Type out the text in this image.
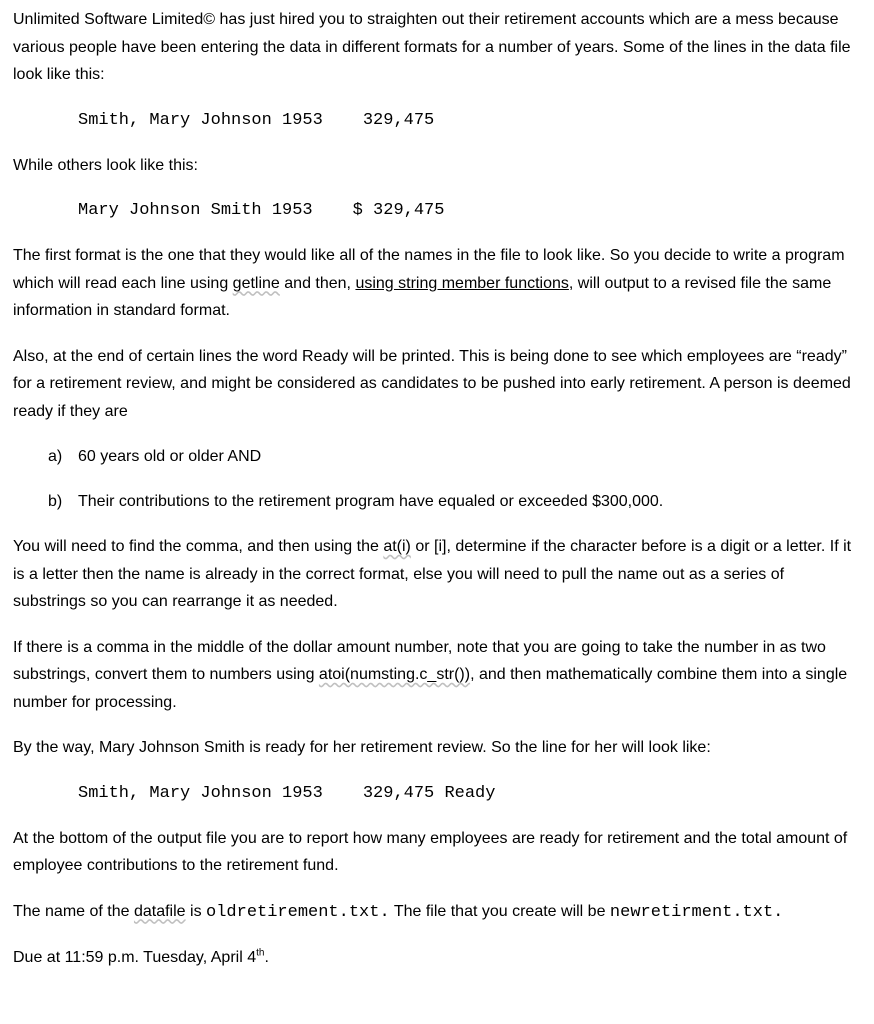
Unlimited Software Limited© has just hired you to straighten out their retirement accounts which are a mess because various people have been entering the data in different formats for a number of years. Some of the lines in the data file look like this:

Smith, Mary Johnson 1953 329,475

While others look like this:

Mary Johnson Smith 1953 $ 329,475

The first format is the one that they would like all of the names in the file to look like. So you decide to write a program which will read each line using getline and then, using string member functions, will output to a revised file the same information in standard format.

Also, at the end of certain lines the word Ready will be printed. This is being done to see which employees are “ready” for a retirement review, and might be considered as candidates to be pushed into early retirement. A person is deemed ready if they are

a) 60 years old or older AND
b) Their contributions to the retirement program have equaled or exceeded $300,000.

You will need to find the comma, and then using the at(i) or [i], determine if the character before is a digit or a letter. If it is a letter then the name is already in the correct format, else you will need to pull the name out as a series of substrings so you can rearrange it as needed.

If there is a comma in the middle of the dollar amount number, note that you are going to take the number in as two substrings, convert them to numbers using atoi(numsting.c_str()), and then mathematically combine them into a single number for processing.

By the way, Mary Johnson Smith is ready for her retirement review. So the line for her will look like:

Smith, Mary Johnson 1953 329,475 Ready

At the bottom of the output file you are to report how many employees are ready for retirement and the total amount of employee contributions to the retirement fund.

The name of the datafile is oldretirement.txt. The file that you create will be newretirment.txt.

Due at 11:59 p.m. Tuesday, April 4th.
